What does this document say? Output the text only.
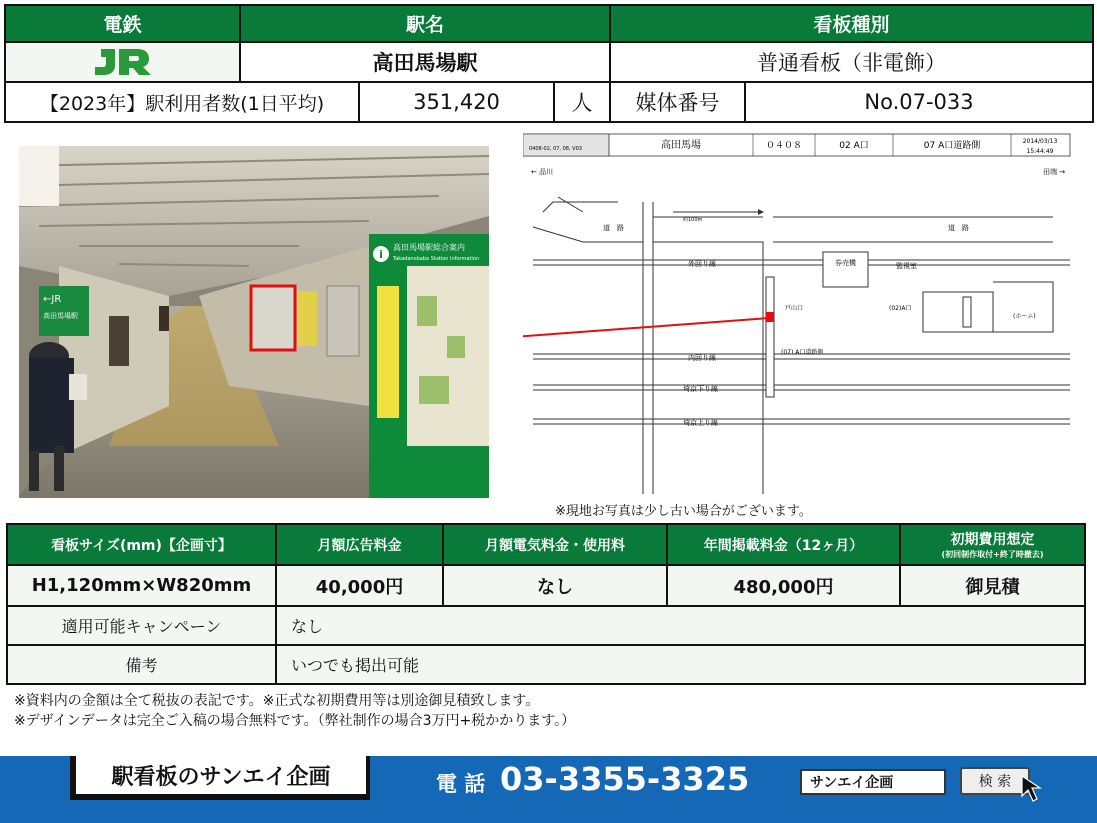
電鉄	駅名	看板種別
高田馬場駅	普通看板（非電飾）
【2023年】駅利用者数(1日平均)	351,420	人	媒体番号	No.07-033
i
高田馬場駅総合案内
Takadanobaba Station Information
←JR
高田馬場駅
0408-02, 07, 08, V03	高田馬場	０４０８	02 A口	07 A口道路側	2014/03/13
15:44:49
← 品川	田端 →
約100m
道　路	道　路
外回り線
内回り線
埼京下り線
埼京上り線
戸山口
(07) A口道路側
券売機	監視室
(02)A口
(ホーム)
※現地お写真は少し古い場合がございます。
看板サイズ(mm)【企画寸】	月額広告料金	月額電気料金・使用料	年間掲載料金（12ヶ月）	初期費用想定
(初回制作取付+終了時撤去)
H1,120mm×W820mm	40,000円	なし	480,000円	御見積
適用可能キャンペーン	なし
備考	いつでも掲出可能
※資料内の金額は全て税抜の表記です。※正式な初期費用等は別途御見積致します。
※デザインデータは完全ご入稿の場合無料です。（弊社制作の場合3万円+税かかります。）
駅看板のサンエイ企画	電 話 03-3355-3325	サンエイ企画	検 索
